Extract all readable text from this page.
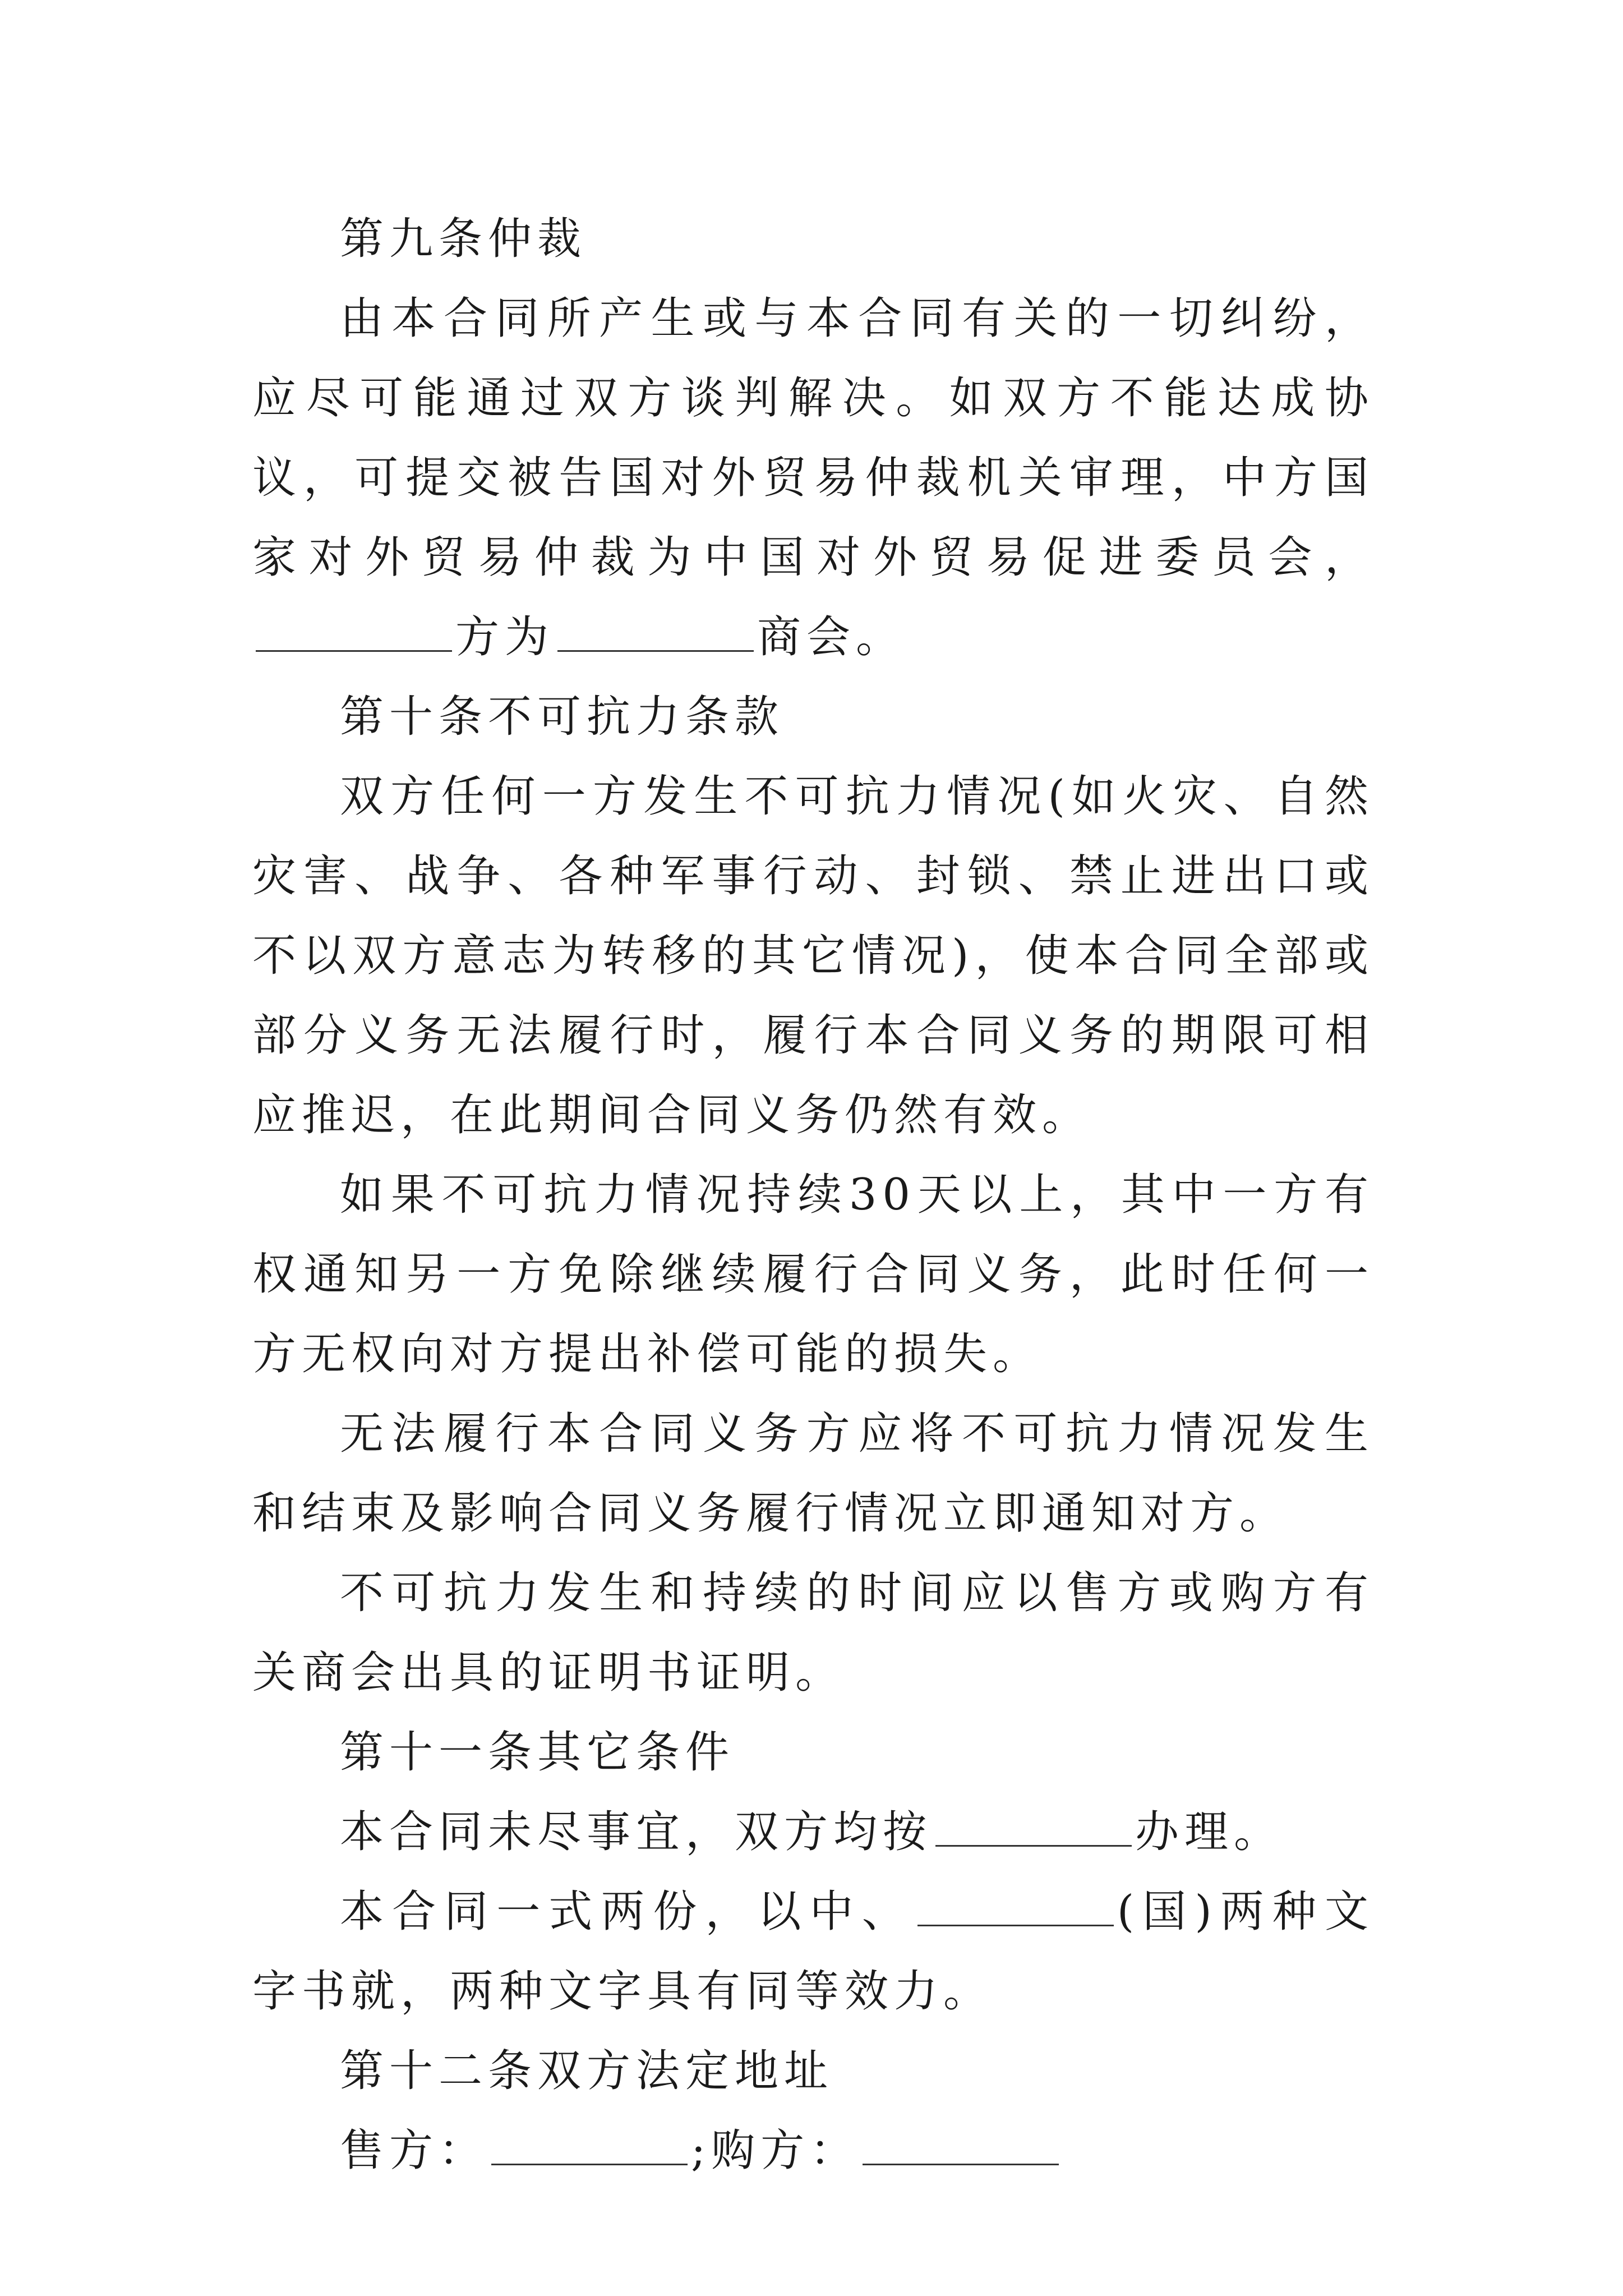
第九条仲裁

由本合同所产生或与本合同有关的一切纠纷，应尽可能通过双方谈判解决。如双方不能达成协议，可提交被告国对外贸易仲裁机关审理，中方国家对外贸易仲裁为中国对外贸易促进委员会，方为	商会。

第十条不可抗力条款

双方任何一方发生不可抗力情况(如火灾、自然灾害、战争、各种军事行动、封锁、禁止进出口或不以双方意志为转移的其它情况)，使本合同全部或部分义务无法履行时，履行本合同义务的期限可相应推迟，在此期间合同义务仍然有效。

如果不可抗力情况持续30天以上，其中一方有权通知另一方免除继续履行合同义务，此时任何一方无权向对方提出补偿可能的损失。

无法履行本合同义务方应将不可抗力情况发生和结束及影响合同义务履行情况立即通知对方。

不可抗力发生和持续的时间应以售方或购方有关商会出具的证明书证明。

第十一条其它条件

本合同未尽事宜，双方均按	办理。

本合同一式两份，以中、	(国)两种文字书就，两种文字具有同等效力。

第十二条双方法定地址

售方：	;购方：
